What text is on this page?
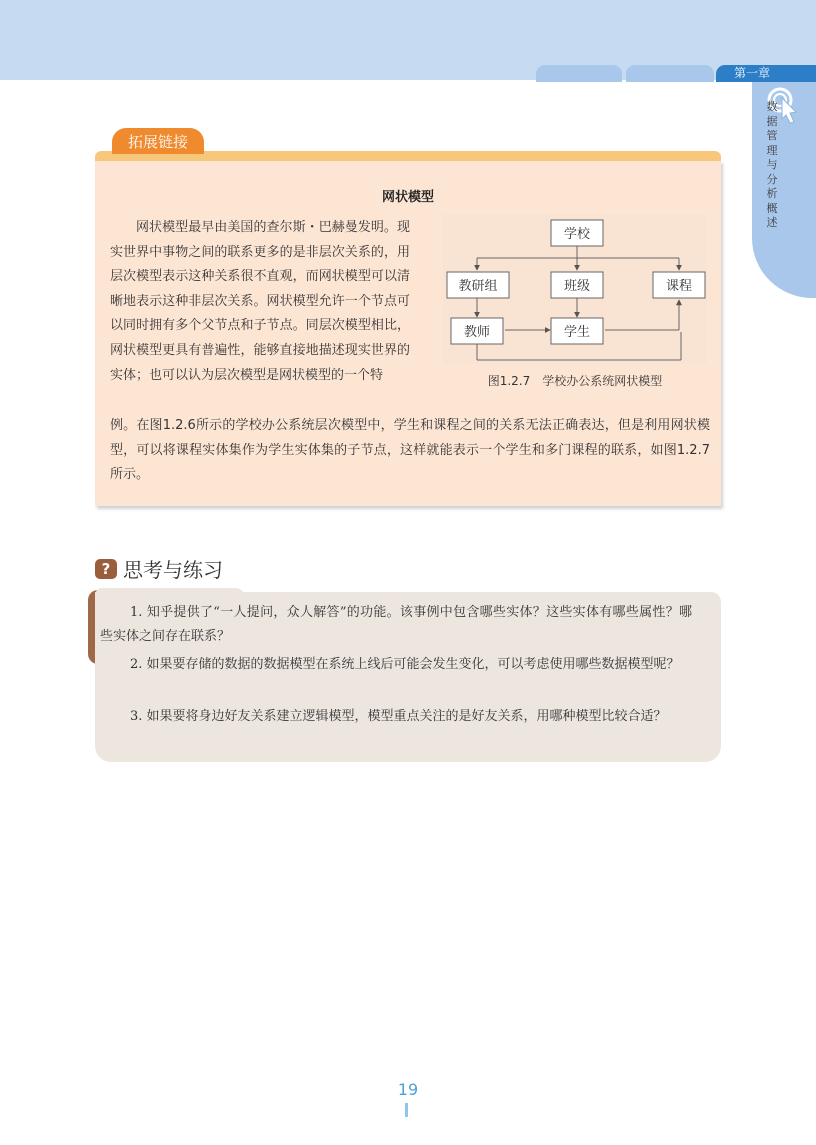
第一章
数据管理与分析概述
拓展链接
网状模型
网状模型最早由美国的查尔斯・巴赫曼发明。现实世界中事物之间的联系更多的是非层次关系的，用层次模型表示这种关系很不直观，而网状模型可以清晰地表示这种非层次关系。网状模型允许一个节点可以同时拥有多个父节点和子节点。同层次模型相比，网状模型更具有普遍性，能够直接地描述现实世界的实体；也可以认为层次模型是网状模型的一个特
学校
教研组	班级	课程
教师	学生
图1.2.7　学校办公系统网状模型
例。在图1.2.6所示的学校办公系统层次模型中，学生和课程之间的关系无法正确表达，但是利用网状模型，可以将课程实体集作为学生实体集的子节点，这样就能表示一个学生和多门课程的联系，如图1.2.7所示。
? 思考与练习
1. 知乎提供了“一人提问，众人解答”的功能。该事例中包含哪些实体？这些实体有哪些属性？哪些实体之间存在联系？
2. 如果要存储的数据的数据模型在系统上线后可能会发生变化，可以考虑使用哪些数据模型呢？
3. 如果要将身边好友关系建立逻辑模型，模型重点关注的是好友关系，用哪种模型比较合适？
19
